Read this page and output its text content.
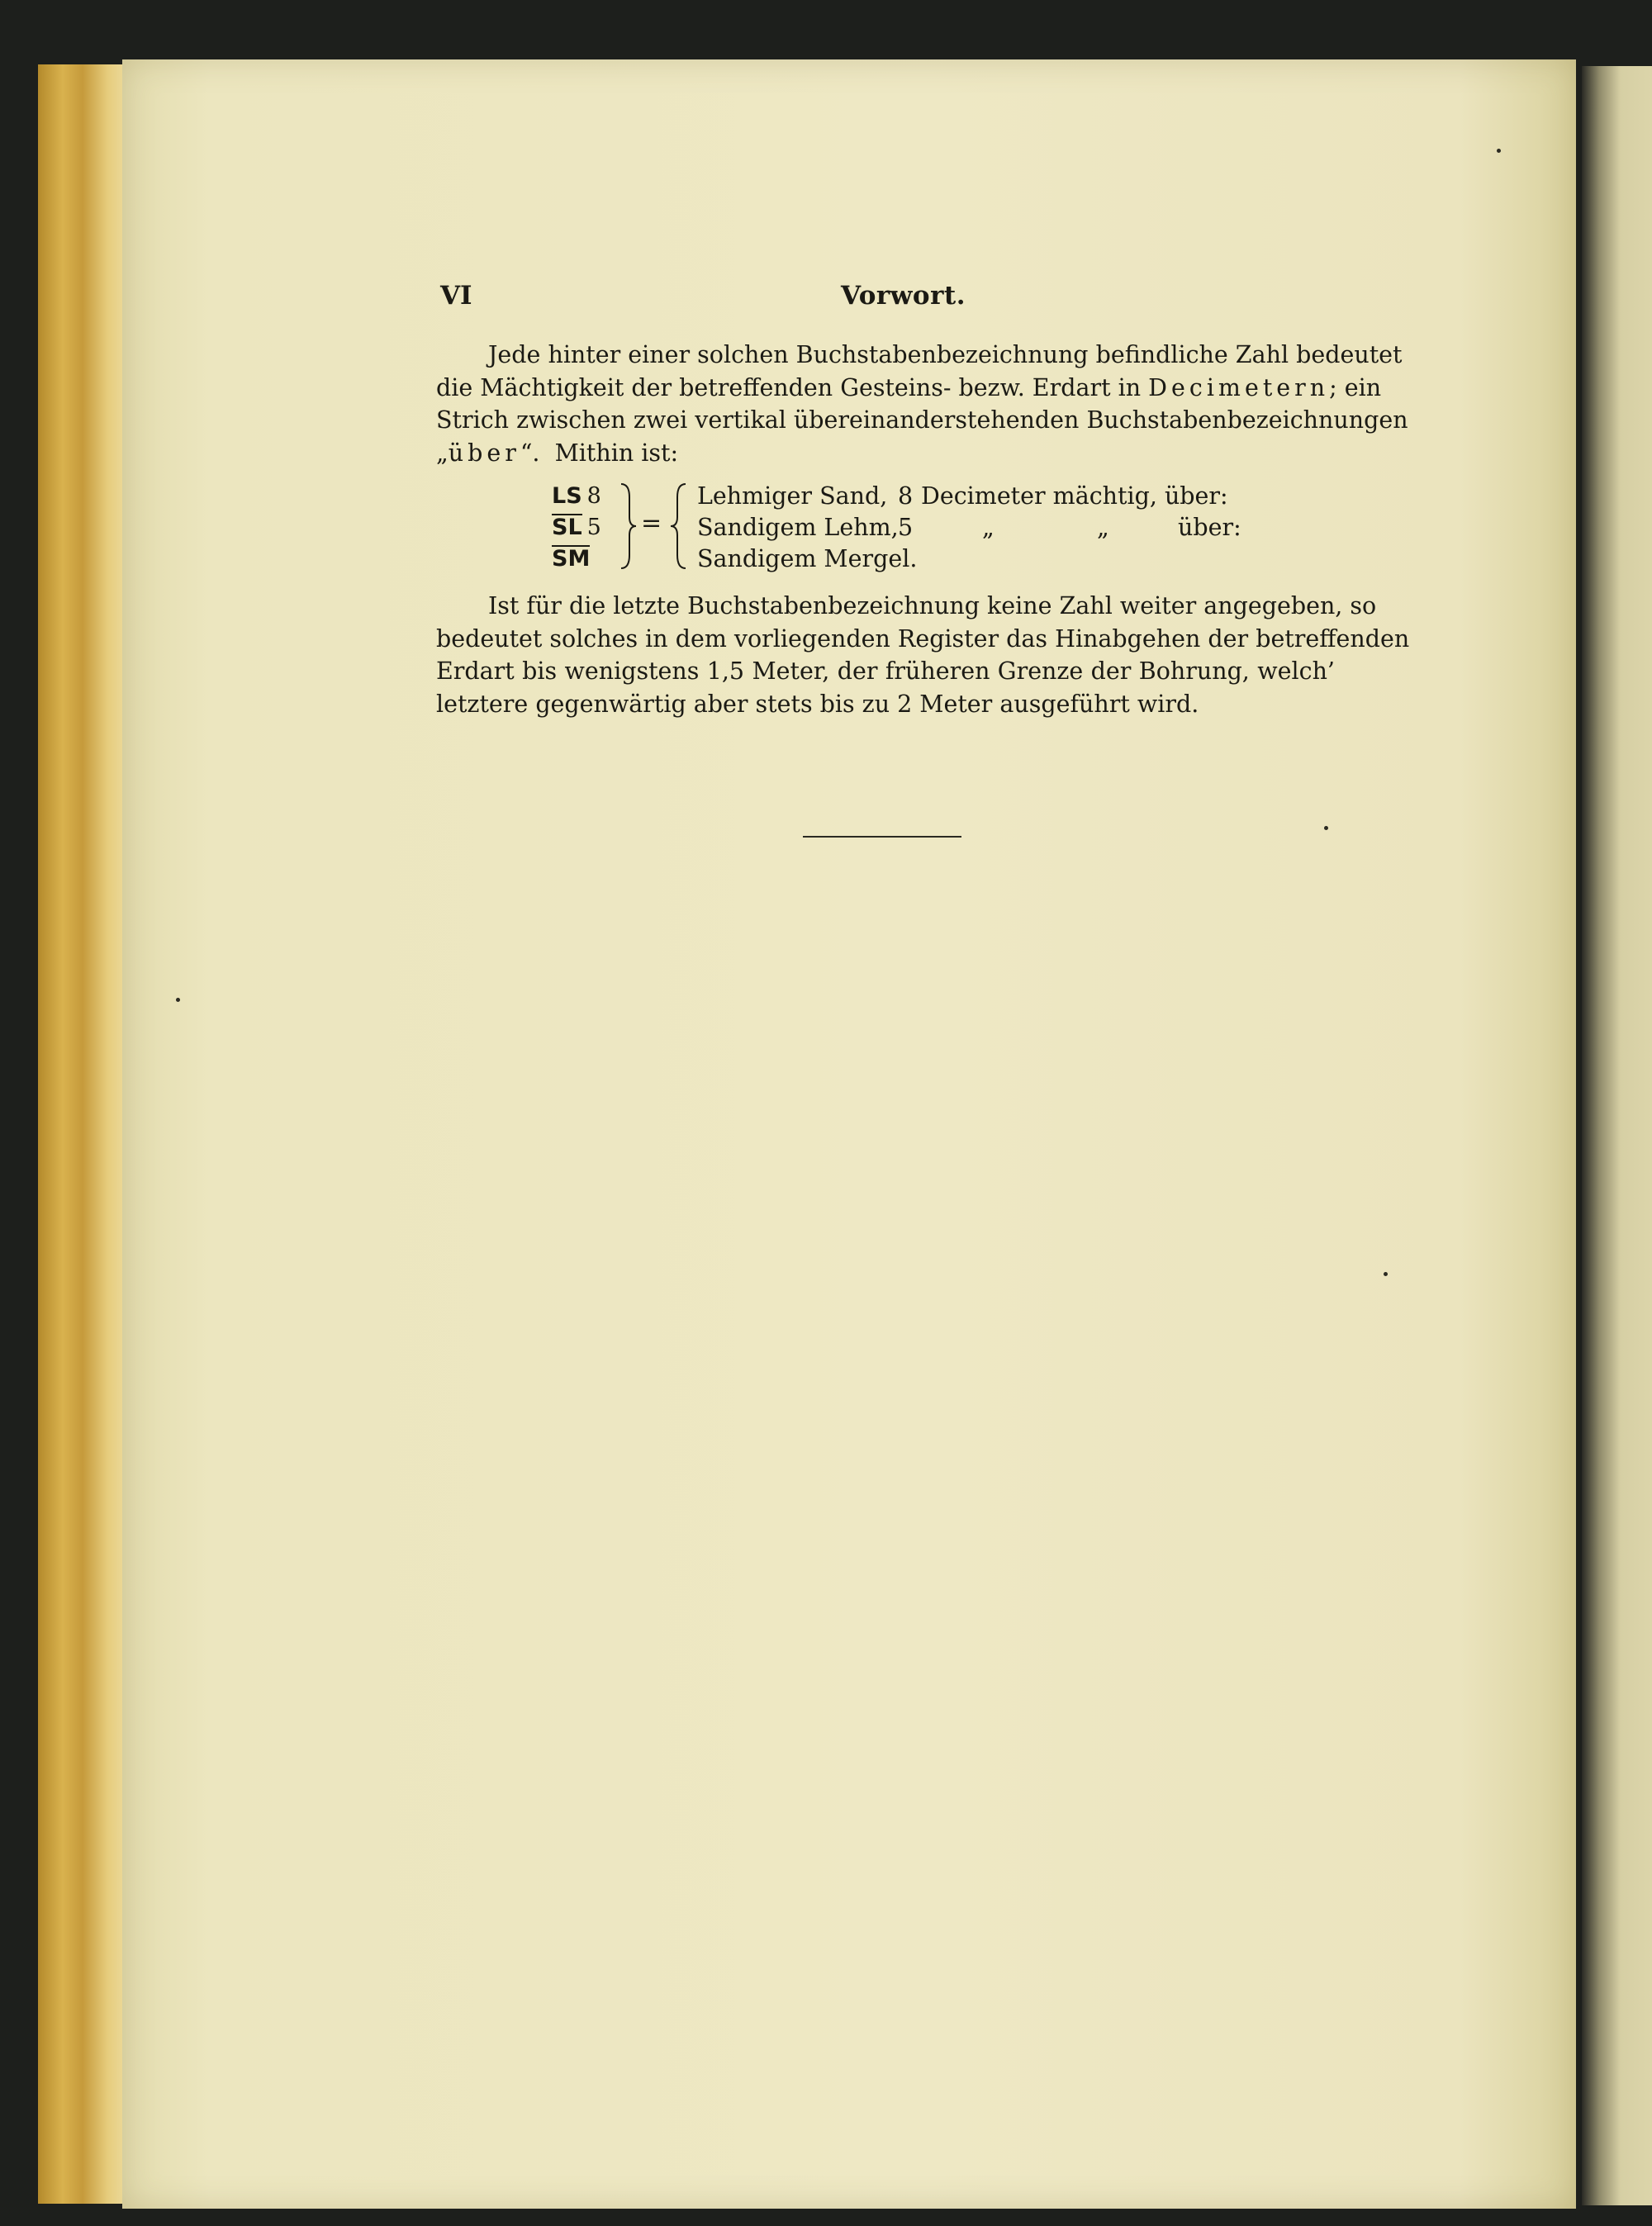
VI	Vorwort.
Jede hinter einer solchen Buchstabenbezeichnung befindliche Zahl bedeutet
die Mächtigkeit der betreffenden Gesteins- bezw. Erdart in Decimetern; ein
Strich zwischen zwei vertikal übereinanderstehenden Buchstabenbezeichnungen
„über“. Mithin ist:
LS 8
SL 5
SM
=
Lehmiger Sand, 8 Decimeter mächtig, über:
Sandigem Lehm, 5	„	„	über:
Sandigem Mergel.
Ist für die letzte Buchstabenbezeichnung keine Zahl weiter angegeben, so
bedeutet solches in dem vorliegenden Register das Hinabgehen der betreffenden
Erdart bis wenigstens 1,5 Meter, der früheren Grenze der Bohrung, welch’
letztere gegenwärtig aber stets bis zu 2 Meter ausgeführt wird.
